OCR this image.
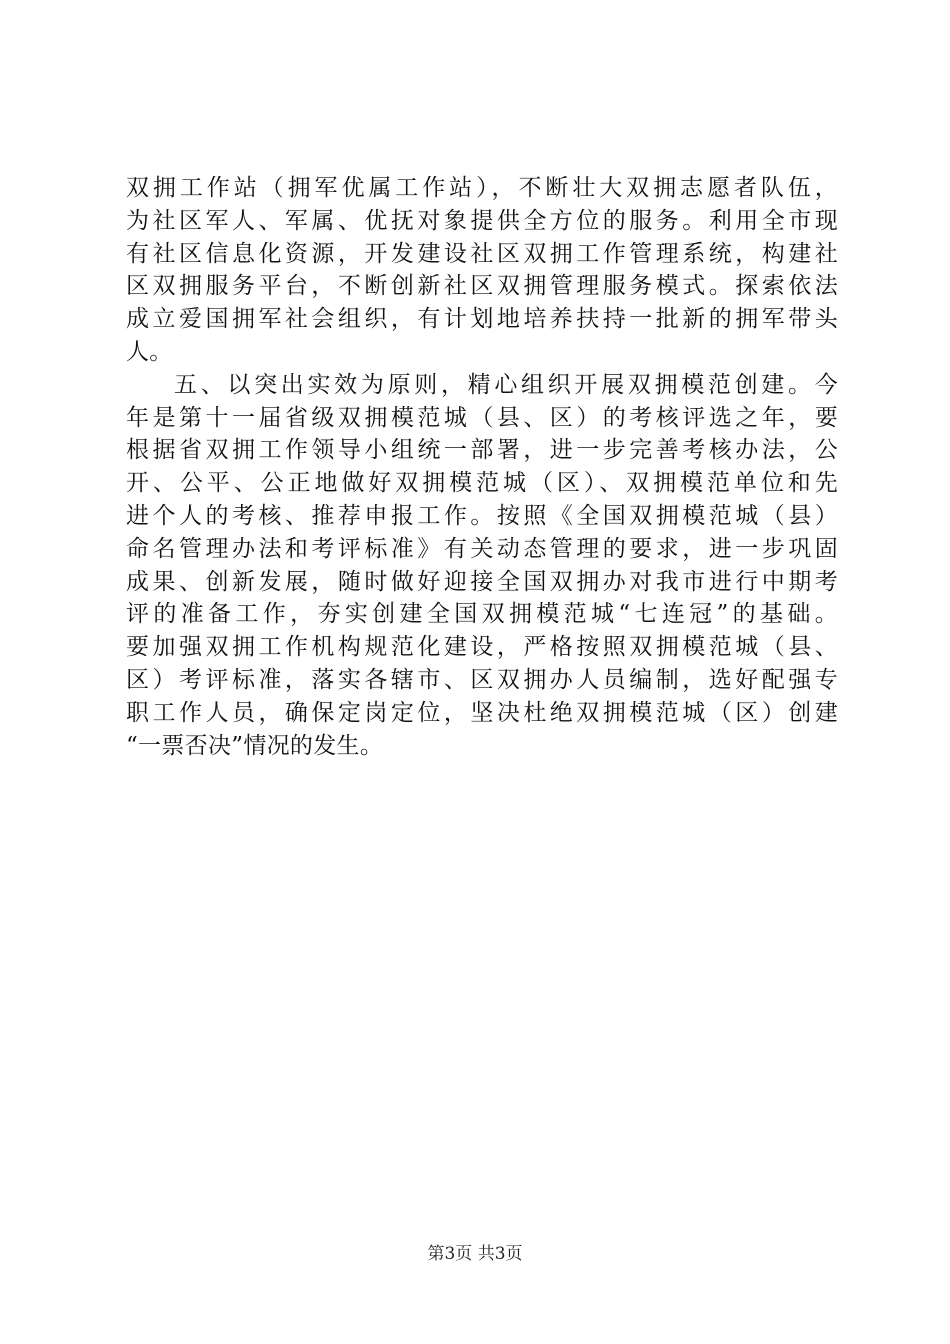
双拥工作站（拥军优属工作站），不断壮大双拥志愿者队伍，
为社区军人、军属、优抚对象提供全方位的服务。利用全市现
有社区信息化资源，开发建设社区双拥工作管理系统，构建社
区双拥服务平台，不断创新社区双拥管理服务模式。探索依法
成立爱国拥军社会组织，有计划地培养扶持一批新的拥军带头
人。
五、以突出实效为原则，精心组织开展双拥模范创建。今
年是第十一届省级双拥模范城（县、区）的考核评选之年，要
根据省双拥工作领导小组统一部署，进一步完善考核办法，公
开、公平、公正地做好双拥模范城（区）、双拥模范单位和先
进个人的考核、推荐申报工作。按照《全国双拥模范城（县）
命名管理办法和考评标准》有关动态管理的要求，进一步巩固
成果、创新发展，随时做好迎接全国双拥办对我市进行中期考
评的准备工作，夯实创建全国双拥模范城“七连冠”的基础。
要加强双拥工作机构规范化建设，严格按照双拥模范城（县、
区）考评标准，落实各辖市、区双拥办人员编制，选好配强专
职工作人员，确保定岗定位，坚决杜绝双拥模范城（区）创建
“一票否决”情况的发生。
第3页 共3页
